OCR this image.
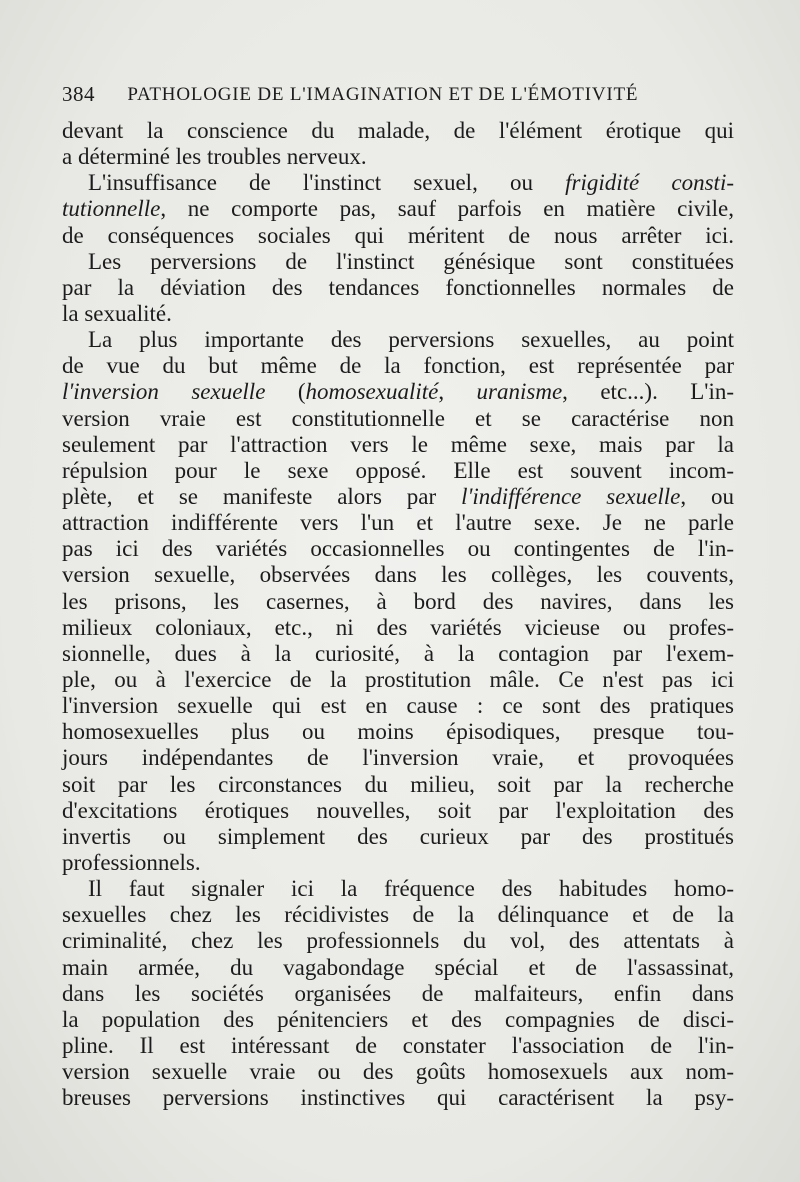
384 PATHOLOGIE DE L'IMAGINATION ET DE L'ÉMOTIVITÉ
devant la conscience du malade, de l'élément érotique qui
a déterminé les troubles nerveux.
L'insuffisance de l'instinct sexuel, ou frigidité consti-
tutionnelle, ne comporte pas, sauf parfois en matière civile,
de conséquences sociales qui méritent de nous arrêter ici.
Les perversions de l'instinct génésique sont constituées
par la déviation des tendances fonctionnelles normales de
la sexualité.
La plus importante des perversions sexuelles, au point
de vue du but même de la fonction, est représentée par
l'inversion sexuelle (homosexualité, uranisme, etc...). L'in-
version vraie est constitutionnelle et se caractérise non
seulement par l'attraction vers le même sexe, mais par la
répulsion pour le sexe opposé. Elle est souvent incom-
plète, et se manifeste alors par l'indifférence sexuelle, ou
attraction indifférente vers l'un et l'autre sexe. Je ne parle
pas ici des variétés occasionnelles ou contingentes de l'in-
version sexuelle, observées dans les collèges, les couvents,
les prisons, les casernes, à bord des navires, dans les
milieux coloniaux, etc., ni des variétés vicieuse ou profes-
sionnelle, dues à la curiosité, à la contagion par l'exem-
ple, ou à l'exercice de la prostitution mâle. Ce n'est pas ici
l'inversion sexuelle qui est en cause : ce sont des pratiques
homosexuelles plus ou moins épisodiques, presque tou-
jours indépendantes de l'inversion vraie, et provoquées
soit par les circonstances du milieu, soit par la recherche
d'excitations érotiques nouvelles, soit par l'exploitation des
invertis ou simplement des curieux par des prostitués
professionnels.
Il faut signaler ici la fréquence des habitudes homo-
sexuelles chez les récidivistes de la délinquance et de la
criminalité, chez les professionnels du vol, des attentats à
main armée, du vagabondage spécial et de l'assassinat,
dans les sociétés organisées de malfaiteurs, enfin dans
la population des pénitenciers et des compagnies de disci-
pline. Il est intéressant de constater l'association de l'in-
version sexuelle vraie ou des goûts homosexuels aux nom-
breuses perversions instinctives qui caractérisent la psy-
